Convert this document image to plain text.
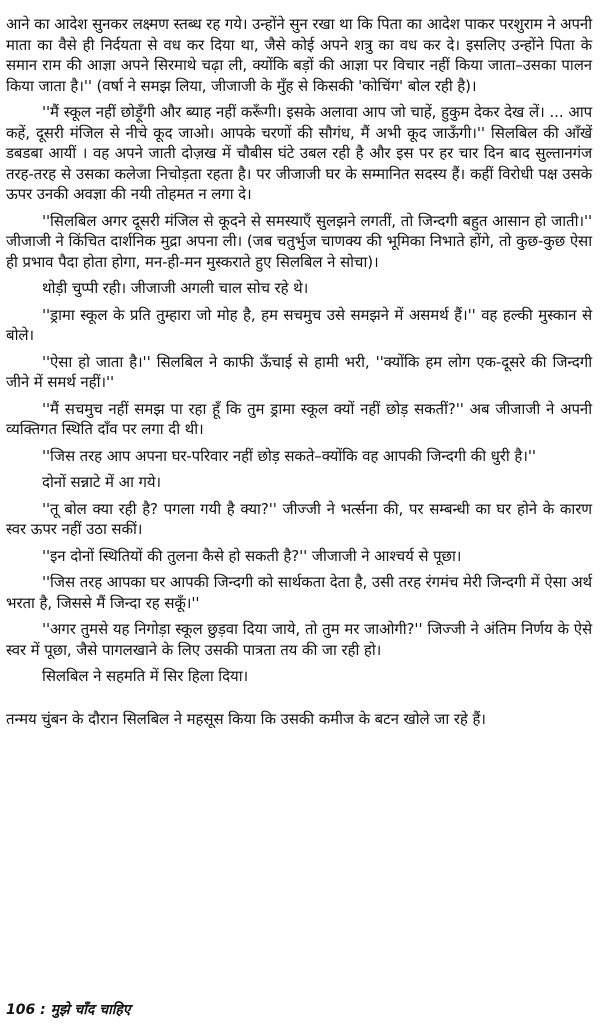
आने का आदेश सुनकर लक्ष्मण स्तब्ध रह गये। उन्होंने सुन रखा था कि पिता का आदेश पाकर परशुराम ने अपनी माता का वैसे ही निर्दयता से वध कर दिया था, जैसे कोई अपने शत्रु का वध कर दे। इसलिए उन्होंने पिता के समान राम की आज्ञा अपने सिरमाथे चढ़ा ली, क्योंकि बड़ों की आज्ञा पर विचार नहीं किया जाता–उसका पालन किया जाता है।'' (वर्षा ने समझ लिया, जीजाजी के मुँह से किसकी 'कोचिंग' बोल रही है)।

''मैं स्कूल नहीं छोड़ूँगी और ब्याह नहीं करूँगी। इसके अलावा आप जो चाहें, हुकुम देकर देख लें। ... आप कहें, दूसरी मंजिल से नीचे कूद जाओ। आपके चरणों की सौगंध, मैं अभी कूद जाऊँगी।'' सिलबिल की आँखें डबडबा आयीं । वह अपने जाती दोज़ख में चौबीस घंटे उबल रही है और इस पर हर चार दिन बाद सुल्तानगंज तरह-तरह से उसका कलेजा निचोड़ता रहता है। पर जीजाजी घर के सम्मानित सदस्य हैं। कहीं विरोधी पक्ष उसके ऊपर उनकी अवज्ञा की नयी तोहमत न लगा दे।

''सिलबिल अगर दूसरी मंजिल से कूदने से समस्याएँ सुलझने लगतीं, तो जिन्दगी बहुत आसान हो जाती।'' जीजाजी ने किंचित दार्शनिक मुद्रा अपना ली। (जब चतुर्भुज चाणक्य की भूमिका निभाते होंगे, तो कुछ-कुछ ऐसा ही प्रभाव पैदा होता होगा, मन-ही-मन मुस्कराते हुए सिलबिल ने सोचा)।

थोड़ी चुप्पी रही। जीजाजी अगली चाल सोच रहे थे।

''ड्रामा स्कूल के प्रति तुम्हारा जो मोह है, हम सचमुच उसे समझने में असमर्थ हैं।'' वह हल्की मुस्कान से बोले।

''ऐसा हो जाता है।'' सिलबिल ने काफी ऊँचाई से हामी भरी, ''क्योंकि हम लोग एक-दूसरे की जिन्दगी जीने में समर्थ नहीं।''

''मैं सचमुच नहीं समझ पा रहा हूँ कि तुम ड्रामा स्कूल क्यों नहीं छोड़ सकतीं?'' अब जीजाजी ने अपनी व्यक्तिगत स्थिति दाँव पर लगा दी थी।

''जिस तरह आप अपना घर-परिवार नहीं छोड़ सकते–क्योंकि वह आपकी जिन्दगी की धुरी है।''

दोनों सन्नाटे में आ गये।

''तू बोल क्या रही है? पगला गयी है क्या?'' जीज्जी ने भर्त्सना की, पर सम्बन्धी का घर होने के कारण स्वर ऊपर नहीं उठा सकीं।

''इन दोनों स्थितियों की तुलना कैसे हो सकती है?'' जीजाजी ने आश्चर्य से पूछा।

''जिस तरह आपका घर आपकी जिन्दगी को सार्थकता देता है, उसी तरह रंगमंच मेरी जिन्दगी में ऐसा अर्थ भरता है, जिससे मैं जिन्दा रह सकूँ।''

''अगर तुमसे यह निगोड़ा स्कूल छुड़वा दिया जाये, तो तुम मर जाओगी?'' जिज्जी ने अंतिम निर्णय के ऐसे स्वर में पूछा, जैसे पागलखाने के लिए उसकी पात्रता तय की जा रही हो।

सिलबिल ने सहमति में सिर हिला दिया।

तन्मय चुंबन के दौरान सिलबिल ने महसूस किया कि उसकी कमीज के बटन खोले जा रहे हैं।

106 : मुझे चाँद चाहिए
